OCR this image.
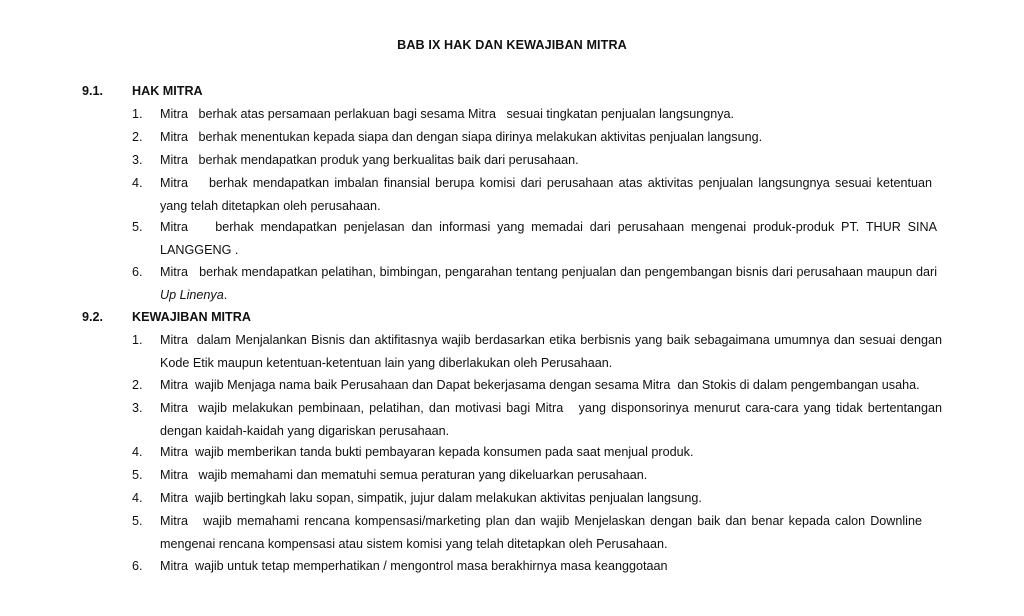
BAB IX HAK DAN KEWAJIBAN MITRA
9.1. HAK MITRA
1.	Mitra   berhak atas persamaan perlakuan bagi sesama Mitra   sesuai tingkatan penjualan langsungnya.
2.	Mitra   berhak menentukan kepada siapa dan dengan siapa dirinya melakukan aktivitas penjualan langsung.
3.	Mitra   berhak mendapatkan produk yang berkualitas baik dari perusahaan.
4.	Mitra    berhak mendapatkan imbalan finansial berupa komisi dari perusahaan atas aktivitas penjualan langsungnya sesuai ketentuan yang telah ditetapkan oleh perusahaan.
5.	Mitra    berhak mendapatkan penjelasan dan informasi yang memadai dari perusahaan mengenai produk-produk PT. THUR SINA LANGGENG .
6.	Mitra   berhak mendapatkan pelatihan, bimbingan, pengarahan tentang penjualan dan pengembangan bisnis dari perusahaan maupun dari Up Linenya.
9.2. KEWAJIBAN MITRA
1.	Mitra  dalam Menjalankan Bisnis dan aktifitasnya wajib berdasarkan etika berbisnis yang baik sebagaimana umumnya dan sesuai dengan Kode Etik maupun ketentuan-ketentuan lain yang diberlakukan oleh Perusahaan.
2.	Mitra  wajib Menjaga nama baik Perusahaan dan Dapat bekerjasama dengan sesama Mitra  dan Stokis di dalam pengembangan usaha.
3.	Mitra  wajib melakukan pembinaan, pelatihan, dan motivasi bagi Mitra   yang disponsorinya menurut cara-cara yang tidak bertentangan dengan kaidah-kaidah yang digariskan perusahaan.
4.	Mitra  wajib memberikan tanda bukti pembayaran kepada konsumen pada saat menjual produk.
5.	Mitra   wajib memahami dan mematuhi semua peraturan yang dikeluarkan perusahaan.
4.	Mitra  wajib bertingkah laku sopan, simpatik, jujur dalam melakukan aktivitas penjualan langsung.
5.	Mitra   wajib memahami rencana kompensasi/marketing plan dan wajib Menjelaskan dengan baik dan benar kepada calon Downline mengenai rencana kompensasi atau sistem komisi yang telah ditetapkan oleh Perusahaan.
6.	Mitra  wajib untuk tetap memperhatikan / mengontrol masa berakhirnya masa keanggotaan
